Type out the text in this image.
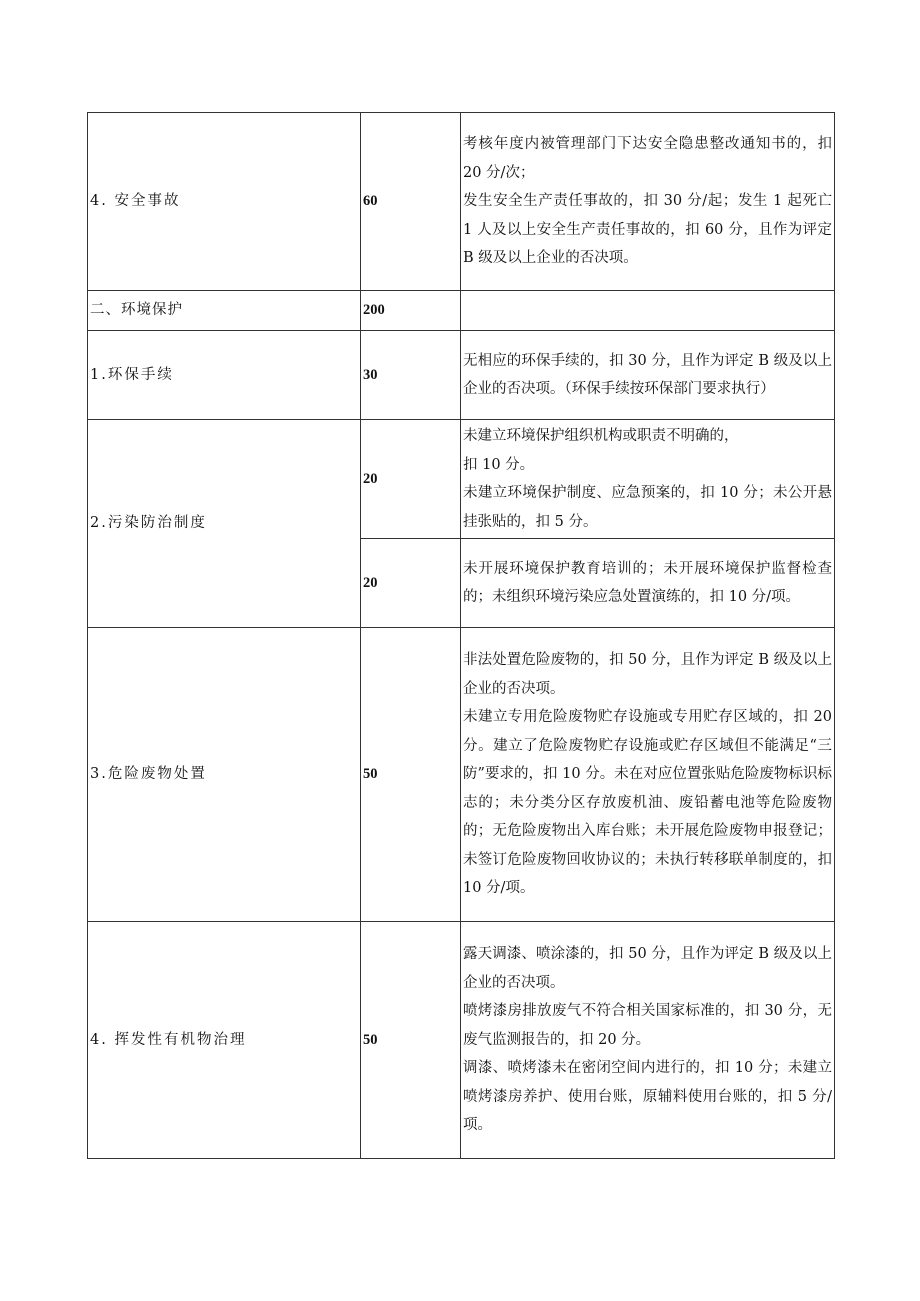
4. 安全事故	60	考核年度内被管理部门下达安全隐患整改通知书的，扣 20 分/次；

发生安全生产责任事故的，扣 30 分/起；发生 1 起死亡 1 人及以上安全生产责任事故的，扣 60 分，且作为评定 B 级及以上企业的否决项。

二、环境保护	200	
1.环保手续	30	无相应的环保手续的，扣 30 分，且作为评定 B 级及以上企业的否决项。（环保手续按环保部门要求执行）

2.污染防治制度	20	未建立环境保护组织机构或职责不明确的，

扣 10 分。

未建立环境保护制度、应急预案的，扣 10 分；未公开悬挂张贴的，扣 5 分。

	20	未开展环境保护教育培训的；未开展环境保护监督检查的；未组织环境污染应急处置演练的，扣 10 分/项。

3.危险废物处置	50	非法处置危险废物的，扣 50 分，且作为评定 B 级及以上企业的否决项。

未建立专用危险废物贮存设施或专用贮存区域的，扣 20 分。建立了危险废物贮存设施或贮存区域但不能满足“三防”要求的，扣 10 分。未在对应位置张贴危险废物标识标志的；未分类分区存放废机油、废铅蓄电池等危险废物的；无危险废物出入库台账；未开展危险废物申报登记；未签订危险废物回收协议的；未执行转移联单制度的，扣 10 分/项。

4. 挥发性有机物治理	50	露天调漆、喷涂漆的，扣 50 分，且作为评定 B 级及以上企业的否决项。

喷烤漆房排放废气不符合相关国家标准的，扣 30 分，无废气监测报告的，扣 20 分。

调漆、喷烤漆未在密闭空间内进行的，扣 10 分；未建立喷烤漆房养护、使用台账，原辅料使用台账的，扣 5 分/项。
